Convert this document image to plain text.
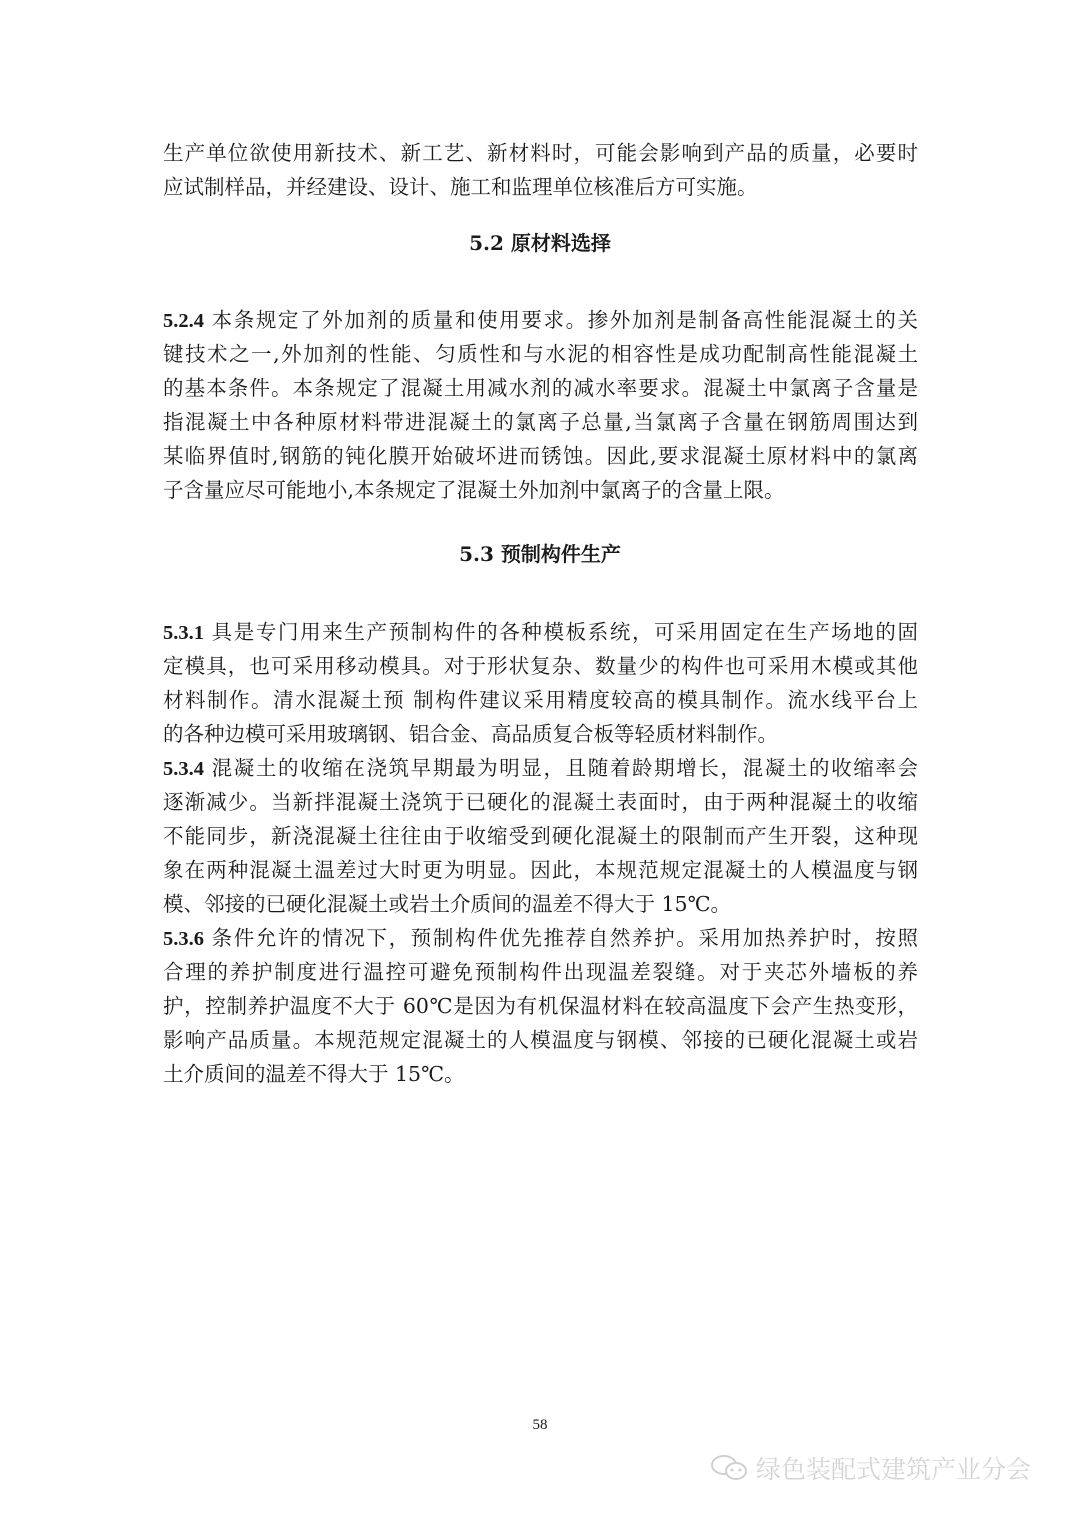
生产单位欲使用新技术、新工艺、新材料时，可能会影响到产品的质量，必要时
应试制样品，并经建设、设计、施工和监理单位核准后方可实施。
5.2 原材料选择
5.2.4 本条规定了外加剂的质量和使用要求。掺外加剂是制备高性能混凝土的关
键技术之一,外加剂的性能、匀质性和与水泥的相容性是成功配制高性能混凝土
的基本条件。本条规定了混凝土用减水剂的减水率要求。混凝土中氯离子含量是
指混凝土中各种原材料带进混凝土的氯离子总量,当氯离子含量在钢筋周围达到
某临界值时,钢筋的钝化膜开始破坏进而锈蚀。因此,要求混凝土原材料中的氯离
子含量应尽可能地小,本条规定了混凝土外加剂中氯离子的含量上限。
5.3 预制构件生产
5.3.1 具是专门用来生产预制构件的各种模板系统，可采用固定在生产场地的固
定模具，也可采用移动模具。对于形状复杂、数量少的构件也可采用木模或其他
材料制作。清水混凝土预 制构件建议采用精度较高的模具制作。流水线平台上
的各种边模可采用玻璃钢、铝合金、高品质复合板等轻质材料制作。
5.3.4 混凝土的收缩在浇筑早期最为明显，且随着龄期增长，混凝土的收缩率会
逐渐减少。当新拌混凝土浇筑于已硬化的混凝土表面时，由于两种混凝土的收缩
不能同步，新浇混凝土往往由于收缩受到硬化混凝土的限制而产生开裂，这种现
象在两种混凝土温差过大时更为明显。因此，本规范规定混凝土的人模温度与钢
模、邻接的已硬化混凝土或岩土介质间的温差不得大于 15℃。
5.3.6 条件允许的情况下，预制构件优先推荐自然养护。采用加热养护时，按照
合理的养护制度进行温控可避免预制构件出现温差裂缝。对于夹芯外墙板的养
护，控制养护温度不大于 60℃是因为有机保温材料在较高温度下会产生热变形，
影响产品质量。本规范规定混凝土的人模温度与钢模、邻接的已硬化混凝土或岩
土介质间的温差不得大于 15℃。
58
绿色装配式建筑产业分会
